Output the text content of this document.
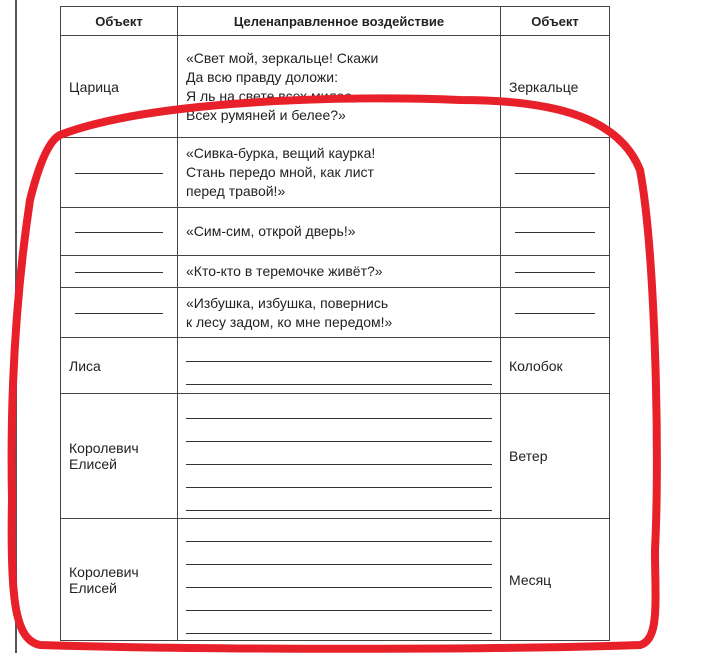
Объект	Целенаправленное воздействие	Объект
Царица	«Свет мой, зеркальце! Скажи
Да всю правду доложи:
Я ль на свете всех милее,
Всех румяней и белее?»	Зеркальце

	«Сивка-бурка, вещий каурка!
Стань передо мной, как лист
перед травой!»	

	«Сим-сим, открой дверь!»	

	«Кто-кто в теремочке живёт?»	

	«Избушка, избушка, повернись
к лесу задом, ко мне передом!»	

Лиса		Колобок
Королевич Елисей		Ветер
Королевич Елисей		Месяц
